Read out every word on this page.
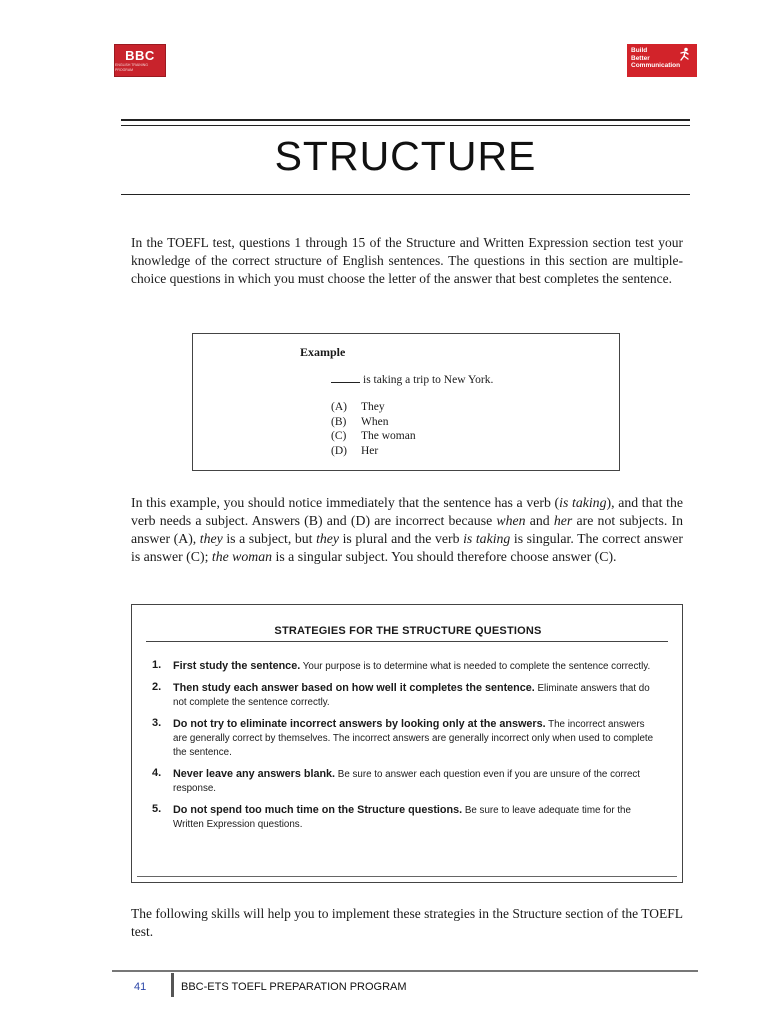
BBC
ENGLISH TRAINING PROGRAM
Build
Better
Communication
STRUCTURE

In the TOEFL test, questions 1 through 15 of the Structure and Written Expression section test your knowledge of the correct structure of English sentences. The questions in this section are multiple-choice questions in which you must choose the letter of the answer that best completes the sentence.

Example
is taking a trip to New York.
(A)	They
(B)	When
(C)	The woman
(D)	Her

In this example, you should notice immediately that the sentence has a verb (is taking), and that the verb needs a subject. Answers (B) and (D) are incorrect because when and her are not subjects. In answer (A), they is a subject, but they is plural and the verb is taking is singular. The correct answer is answer (C); the woman is a singular subject. You should therefore choose answer (C).

STRATEGIES FOR THE STRUCTURE QUESTIONS
1.	First study the sentence. Your purpose is to determine what is needed to complete the sentence correctly.
2.	Then study each answer based on how well it completes the sentence. Eliminate answers that do not complete the sentence correctly.
3.	Do not try to eliminate incorrect answers by looking only at the answers. The incorrect answers are generally correct by themselves. The incorrect answers are generally incorrect only when used to complete the sentence.
4.	Never leave any answers blank. Be sure to answer each question even if you are unsure of the correct response.
5.	Do not spend too much time on the Structure questions. Be sure to leave adequate time for the Written Expression questions.

The following skills will help you to implement these strategies in the Structure section of the TOEFL test.

41	BBC-ETS TOEFL PREPARATION PROGRAM
